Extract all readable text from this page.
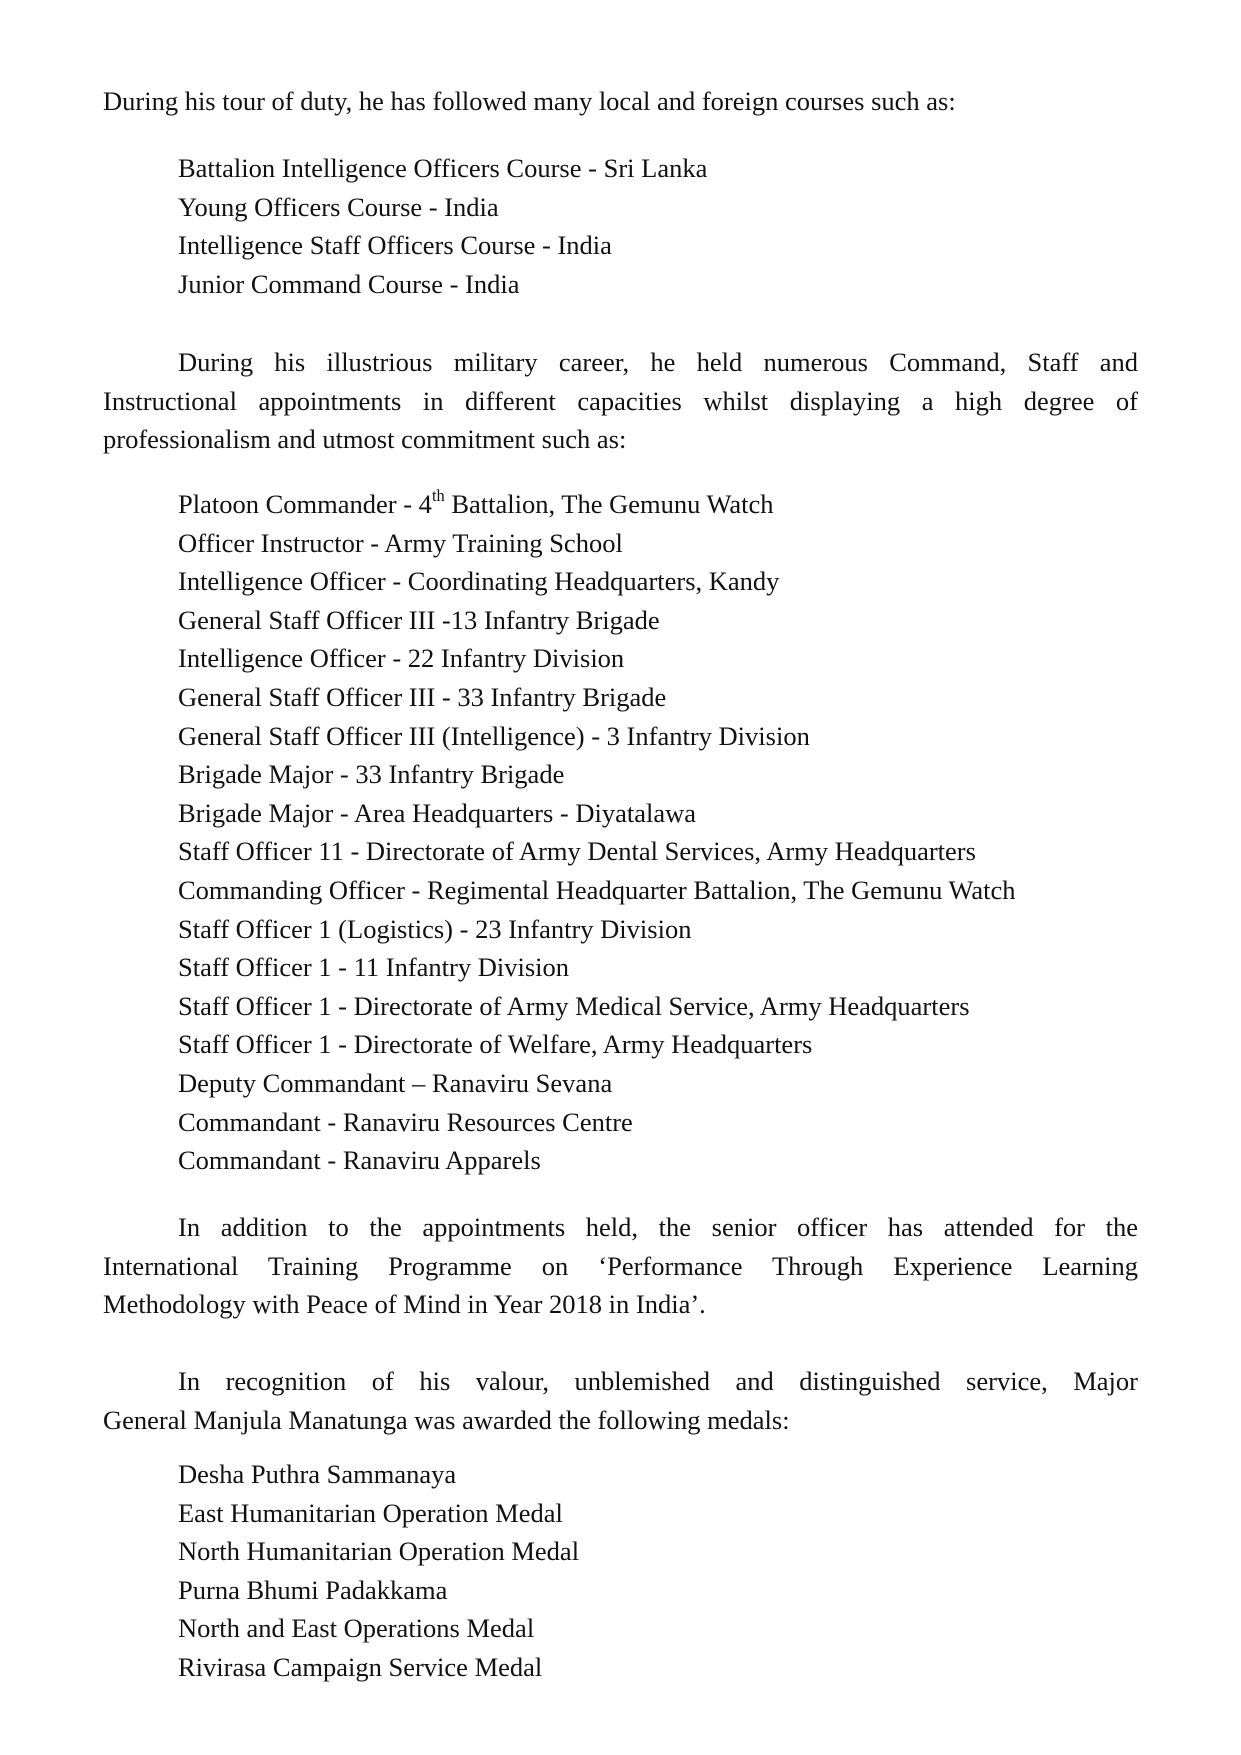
During his tour of duty, he has followed many local and foreign courses such as:
Battalion Intelligence Officers Course - Sri Lanka
Young Officers Course - India
Intelligence Staff Officers Course - India
Junior Command Course - India
During his illustrious military career, he held numerous Command, Staff and
Instructional appointments in different capacities whilst displaying a high degree of
professionalism and utmost commitment such as:
Platoon Commander - 4th Battalion, The Gemunu Watch
Officer Instructor - Army Training School
Intelligence Officer - Coordinating Headquarters, Kandy
General Staff Officer III -13 Infantry Brigade
Intelligence Officer - 22 Infantry Division
General Staff Officer III - 33 Infantry Brigade
General Staff Officer III (Intelligence) - 3 Infantry Division
Brigade Major - 33 Infantry Brigade
Brigade Major - Area Headquarters - Diyatalawa
Staff Officer 11 - Directorate of Army Dental Services, Army Headquarters
Commanding Officer - Regimental Headquarter Battalion, The Gemunu Watch
Staff Officer 1 (Logistics) - 23 Infantry Division
Staff Officer 1 - 11 Infantry Division
Staff Officer 1 - Directorate of Army Medical Service, Army Headquarters
Staff Officer 1 - Directorate of Welfare, Army Headquarters
Deputy Commandant – Ranaviru Sevana
Commandant - Ranaviru Resources Centre
Commandant - Ranaviru Apparels
In addition to the appointments held, the senior officer has attended for the
International Training Programme on ‘Performance Through Experience Learning
Methodology with Peace of Mind in Year 2018 in India’.
In recognition of his valour, unblemished and distinguished service, Major
General Manjula Manatunga was awarded the following medals:
Desha Puthra Sammanaya
East Humanitarian Operation Medal
North Humanitarian Operation Medal
Purna Bhumi Padakkama
North and East Operations Medal
Rivirasa Campaign Service Medal
